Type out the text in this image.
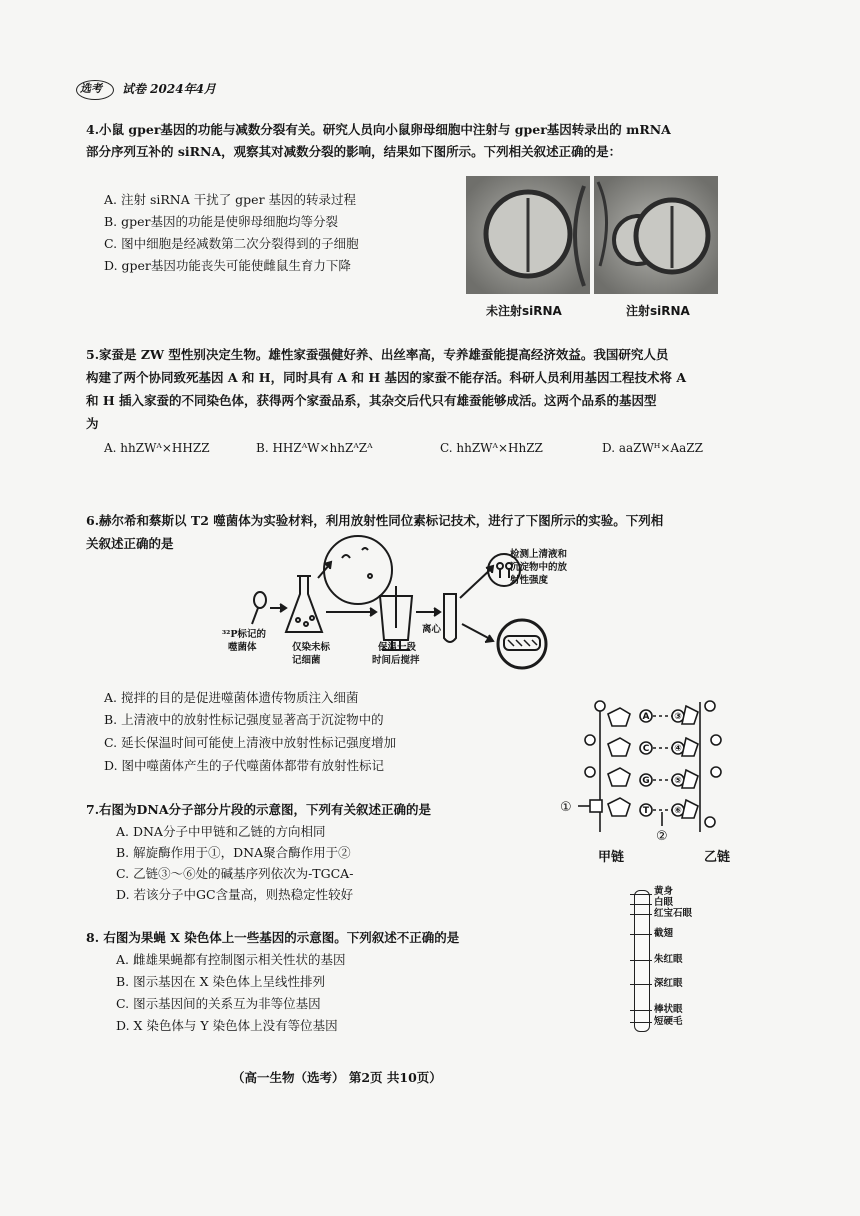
选考 试卷 2024年4月
4.小鼠 gper基因的功能与减数分裂有关。研究人员向小鼠卵母细胞中注射与 gper基因转录出的 mRNA
部分序列互补的 siRNA，观察其对减数分裂的影响，结果如下图所示。下列相关叙述正确的是：
A. 注射 siRNA 干扰了 gper 基因的转录过程
B. gper基因的功能是使卵母细胞均等分裂
C. 图中细胞是经减数第二次分裂得到的子细胞
D. gper基因功能丧失可能使雌鼠生育力下降
未注射siRNA	注射siRNA
5.家蚕是 ZW 型性别决定生物。雄性家蚕强健好养、出丝率高，专养雄蚕能提高经济效益。我国研究人员
构建了两个协同致死基因 A 和 H，同时具有 A 和 H 基因的家蚕不能存活。科研人员利用基因工程技术将 A
和 H 插入家蚕的不同染色体，获得两个家蚕品系，其杂交后代只有雄蚕能够成活。这两个品系的基因型
为
A. hhZWᴬ×HHZZ	B. HHZᴬW×hhZᴬZᴬ	C. hhZWᴬ×HhZZ	D. aaZWᴴ×AaZZ
6.赫尔希和蔡斯以 T2 噬菌体为实验材料，利用放射性同位素标记技术，进行了下图所示的实验。下列相
关叙述正确的是
检测上清液和
沉淀物中的放
射性强度
离心
³²P标记的
噬菌体	仅染未标
记细菌
保温一段
时间后搅拌
A. 搅拌的目的是促进噬菌体遗传物质注入细菌
B. 上清液中的放射性标记强度显著高于沉淀物中的
C. 延长保温时间可能使上清液中放射性标记强度增加
D. 图中噬菌体产生的子代噬菌体都带有放射性标记
7.右图为DNA分子部分片段的示意图，下列有关叙述正确的是
A. DNA分子中甲链和乙链的方向相同
B. 解旋酶作用于①，DNA聚合酶作用于②
C. 乙链③～⑥处的碱基序列依次为-TGCA-
D. 若该分子中GC含量高，则热稳定性较好
A
C
G
T
③
④
⑤
⑥
①
②
甲链	乙链
8. 右图为果蝇 X 染色体上一些基因的示意图。下列叙述不正确的是
A. 雌雄果蝇都有控制图示相关性状的基因
B. 图示基因在 X 染色体上呈线性排列
C. 图示基因间的关系互为非等位基因
D. X 染色体与 Y 染色体上没有等位基因
黄身
白眼
红宝石眼
截翅
朱红眼
深红眼
棒状眼
短硬毛
（高一生物（选考） 第2页 共10页）
